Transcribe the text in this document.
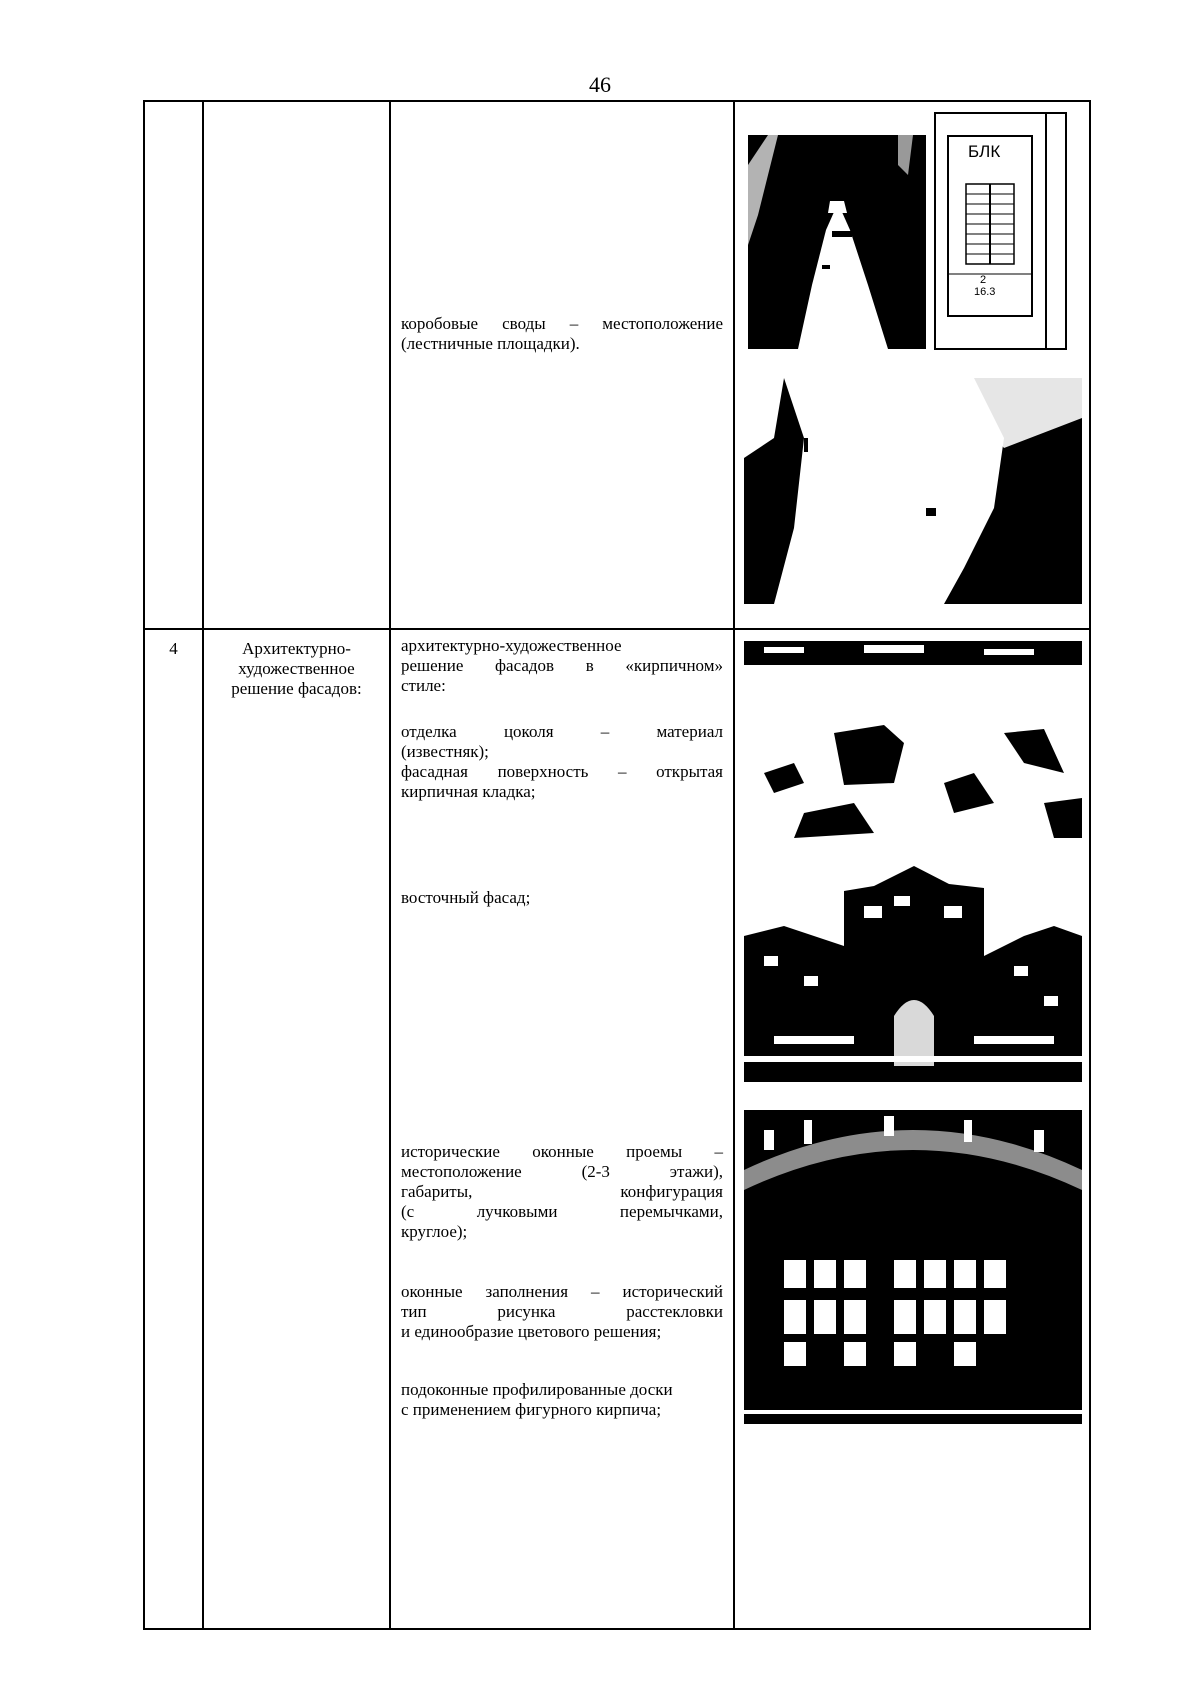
46
коробовые своды – местоположение
(лестничные площадки).
БЛК
2
16.3
4	Архитектурно-
художественное
решение фасадов:
архитектурно-художественное
решение фасадов в «кирпичном»
стиле:
отделка цоколя – материал
(известняк);
фасадная поверхность – открытая
кирпичная кладка;
восточный фасад;
исторические оконные проемы –
местоположение (2-3 этажи),
габариты, конфигурация
(с лучковыми перемычками,
круглое);
оконные заполнения – исторический
тип рисунка расстекловки
и единообразие цветового решения;
подоконные профилированные доски
с применением фигурного кирпича;
